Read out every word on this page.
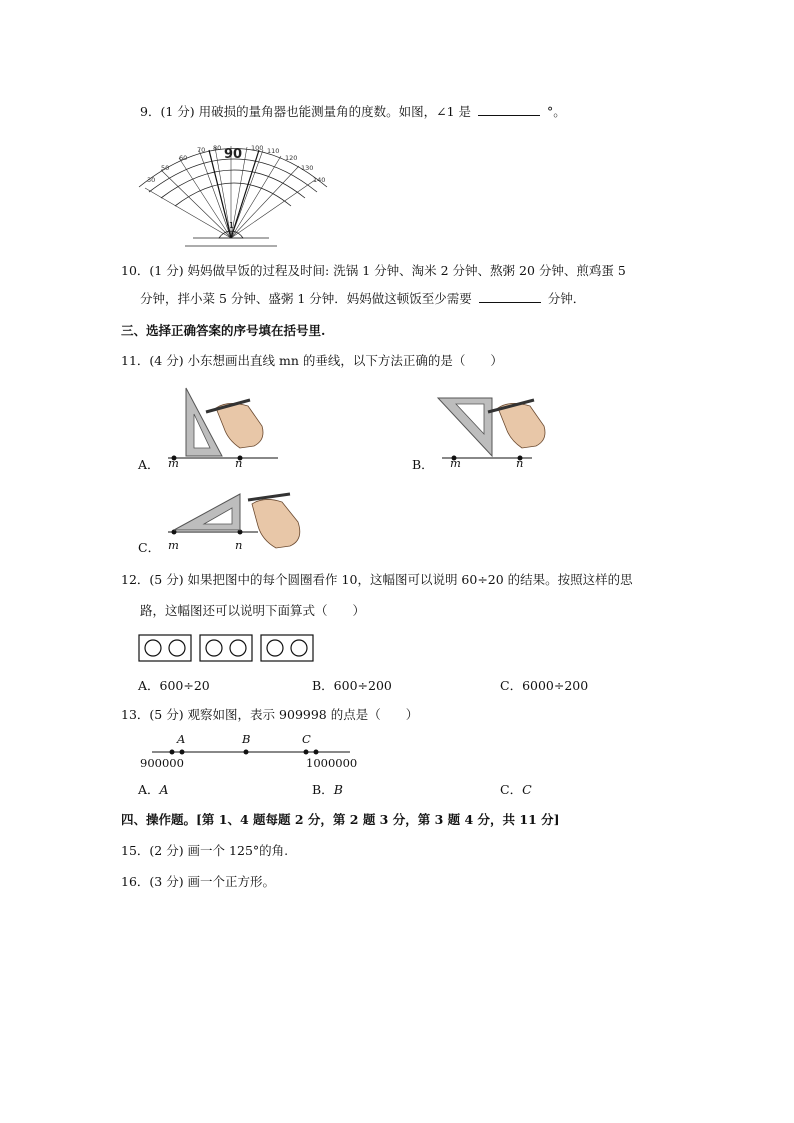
9．(1 分) 用破损的量角器也能测量角的度数。如图，∠1 是	°。
30
50
60
70 80	100 110
120
130
140
90
1
10．(1 分) 妈妈做早饭的过程及时间: 洗锅 1 分钟、淘米 2 分钟、熬粥 20 分钟、煎鸡蛋 5
分钟，拌小菜 5 分钟、盛粥 1 分钟．妈妈做这顿饭至少需要	分钟．
三、选择正确答案的序号填在括号里.
11．(4 分) 小东想画出直线 mn 的垂线，以下方法正确的是（　　）
A． m	n	B． m	n
C． m	n
12．(5 分) 如果把图中的每个圆圈看作 10，这幅图可以说明 60÷20 的结果。按照这样的思
路，这幅图还可以说明下面算式（　　）
A．600÷20	B．600÷200	C．6000÷200
13．(5 分) 观察如图，表示 909998 的点是（　　）
A	B	C
900000	1000000
A．A	B．B	C．C
四、操作题。[第 1、4 题每题 2 分，第 2 题 3 分，第 3 题 4 分，共 11 分]
15．(2 分) 画一个 125°的角.
16．(3 分) 画一个正方形。
